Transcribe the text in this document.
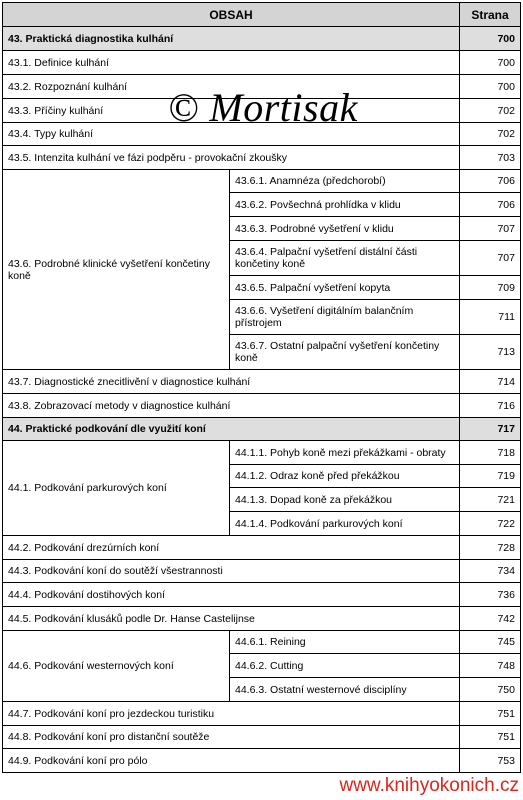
OBSAH		Strana
43. Praktická diagnostika kulhání		700
43.1. Definice kulhání		700
43.2. Rozpoznání kulhání		700
43.3. Příčiny kulhání		702
43.4. Typy kulhání		702
43.5. Intenzita kulhání ve fázi podpěru - provokační zkoušky		703
43.6. Podrobné klinické vyšetření končetiny koně	43.6.1. Anamnéza (předchorobí)	706
	43.6.2. Povšechná prohlídka v klidu	706
	43.6.3. Podrobné vyšetření v klidu	707
	43.6.4. Palpační vyšetření distální části končetiny koně	707
	43.6.5. Palpační vyšetření kopyta	709
	43.6.6. Vyšetření digitálním balančním přístrojem	711
	43.6.7. Ostatní palpační vyšetření končetiny koně	713
43.7. Diagnostické znecitlivění v diagnostice kulhání		714
43.8. Zobrazovací metody v diagnostice kulhání		716
44. Praktické podkování dle využití koní		717
44.1. Podkování parkurových koní	44.1.1. Pohyb koně mezi překážkami - obraty	718
	44.1.2. Odraz koně před překážkou	719
	44.1.3. Dopad koně za překážkou	721
	44.1.4. Podkování parkurových koní	722
44.2. Podkování drezúrních koní		728
44.3. Podkování koní do soutěží všestrannosti		734
44.4. Podkování dostihových koní		736
44.5. Podkování klusáků podle Dr. Hanse Castelijnse		742
44.6. Podkování westernových koní	44.6.1. Reining	745
	44.6.2. Cutting	748
	44.6.3. Ostatní westernové disciplíny	750
44.7. Podkování koní pro jezdeckou turistiku		751
44.8. Podkování koní pro distanční soutěže		751
44.9. Podkování koní pro pólo		753
© Mortisak
www.knihyokonich.cz
